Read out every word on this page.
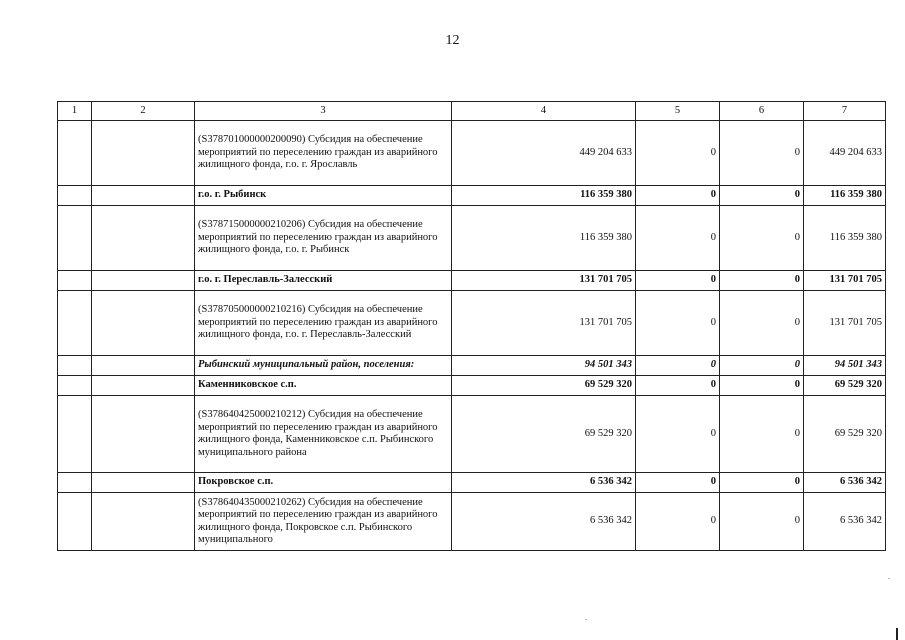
12
1	2	3	4	5	6	7
		(S378701000000200090) Субсидия на обеспечение мероприятий по переселению граждан из аварийного жилищного фонда, г.о. г. Ярославль	449 204 633	0	0	449 204 633
		г.о. г. Рыбинск	116 359 380	0	0	116 359 380
		(S378715000000210206) Субсидия на обеспечение мероприятий по переселению граждан из аварийного жилищного фонда, г.о. г. Рыбинск	116 359 380	0	0	116 359 380
		г.о. г. Переславль-Залесский	131 701 705	0	0	131 701 705
		(S378705000000210216) Субсидия на обеспечение мероприятий по переселению граждан из аварийного жилищного фонда, г.о. г. Переславль-Залесский	131 701 705	0	0	131 701 705
		Рыбинский муниципальный район, поселения:	94 501 343	0	0	94 501 343
		Каменниковское с.п.	69 529 320	0	0	69 529 320
		(S378640425000210212) Субсидия на обеспечение мероприятий по переселению граждан из аварийного жилищного фонда, Каменниковское с.п. Рыбинского муниципального района	69 529 320	0	0	69 529 320
		Покровское с.п.	6 536 342	0	0	6 536 342
		(S378640435000210262) Субсидия на обеспечение мероприятий по переселению граждан из аварийного жилищного фонда, Покровское с.п. Рыбинского муниципального	6 536 342	0	0	6 536 342
